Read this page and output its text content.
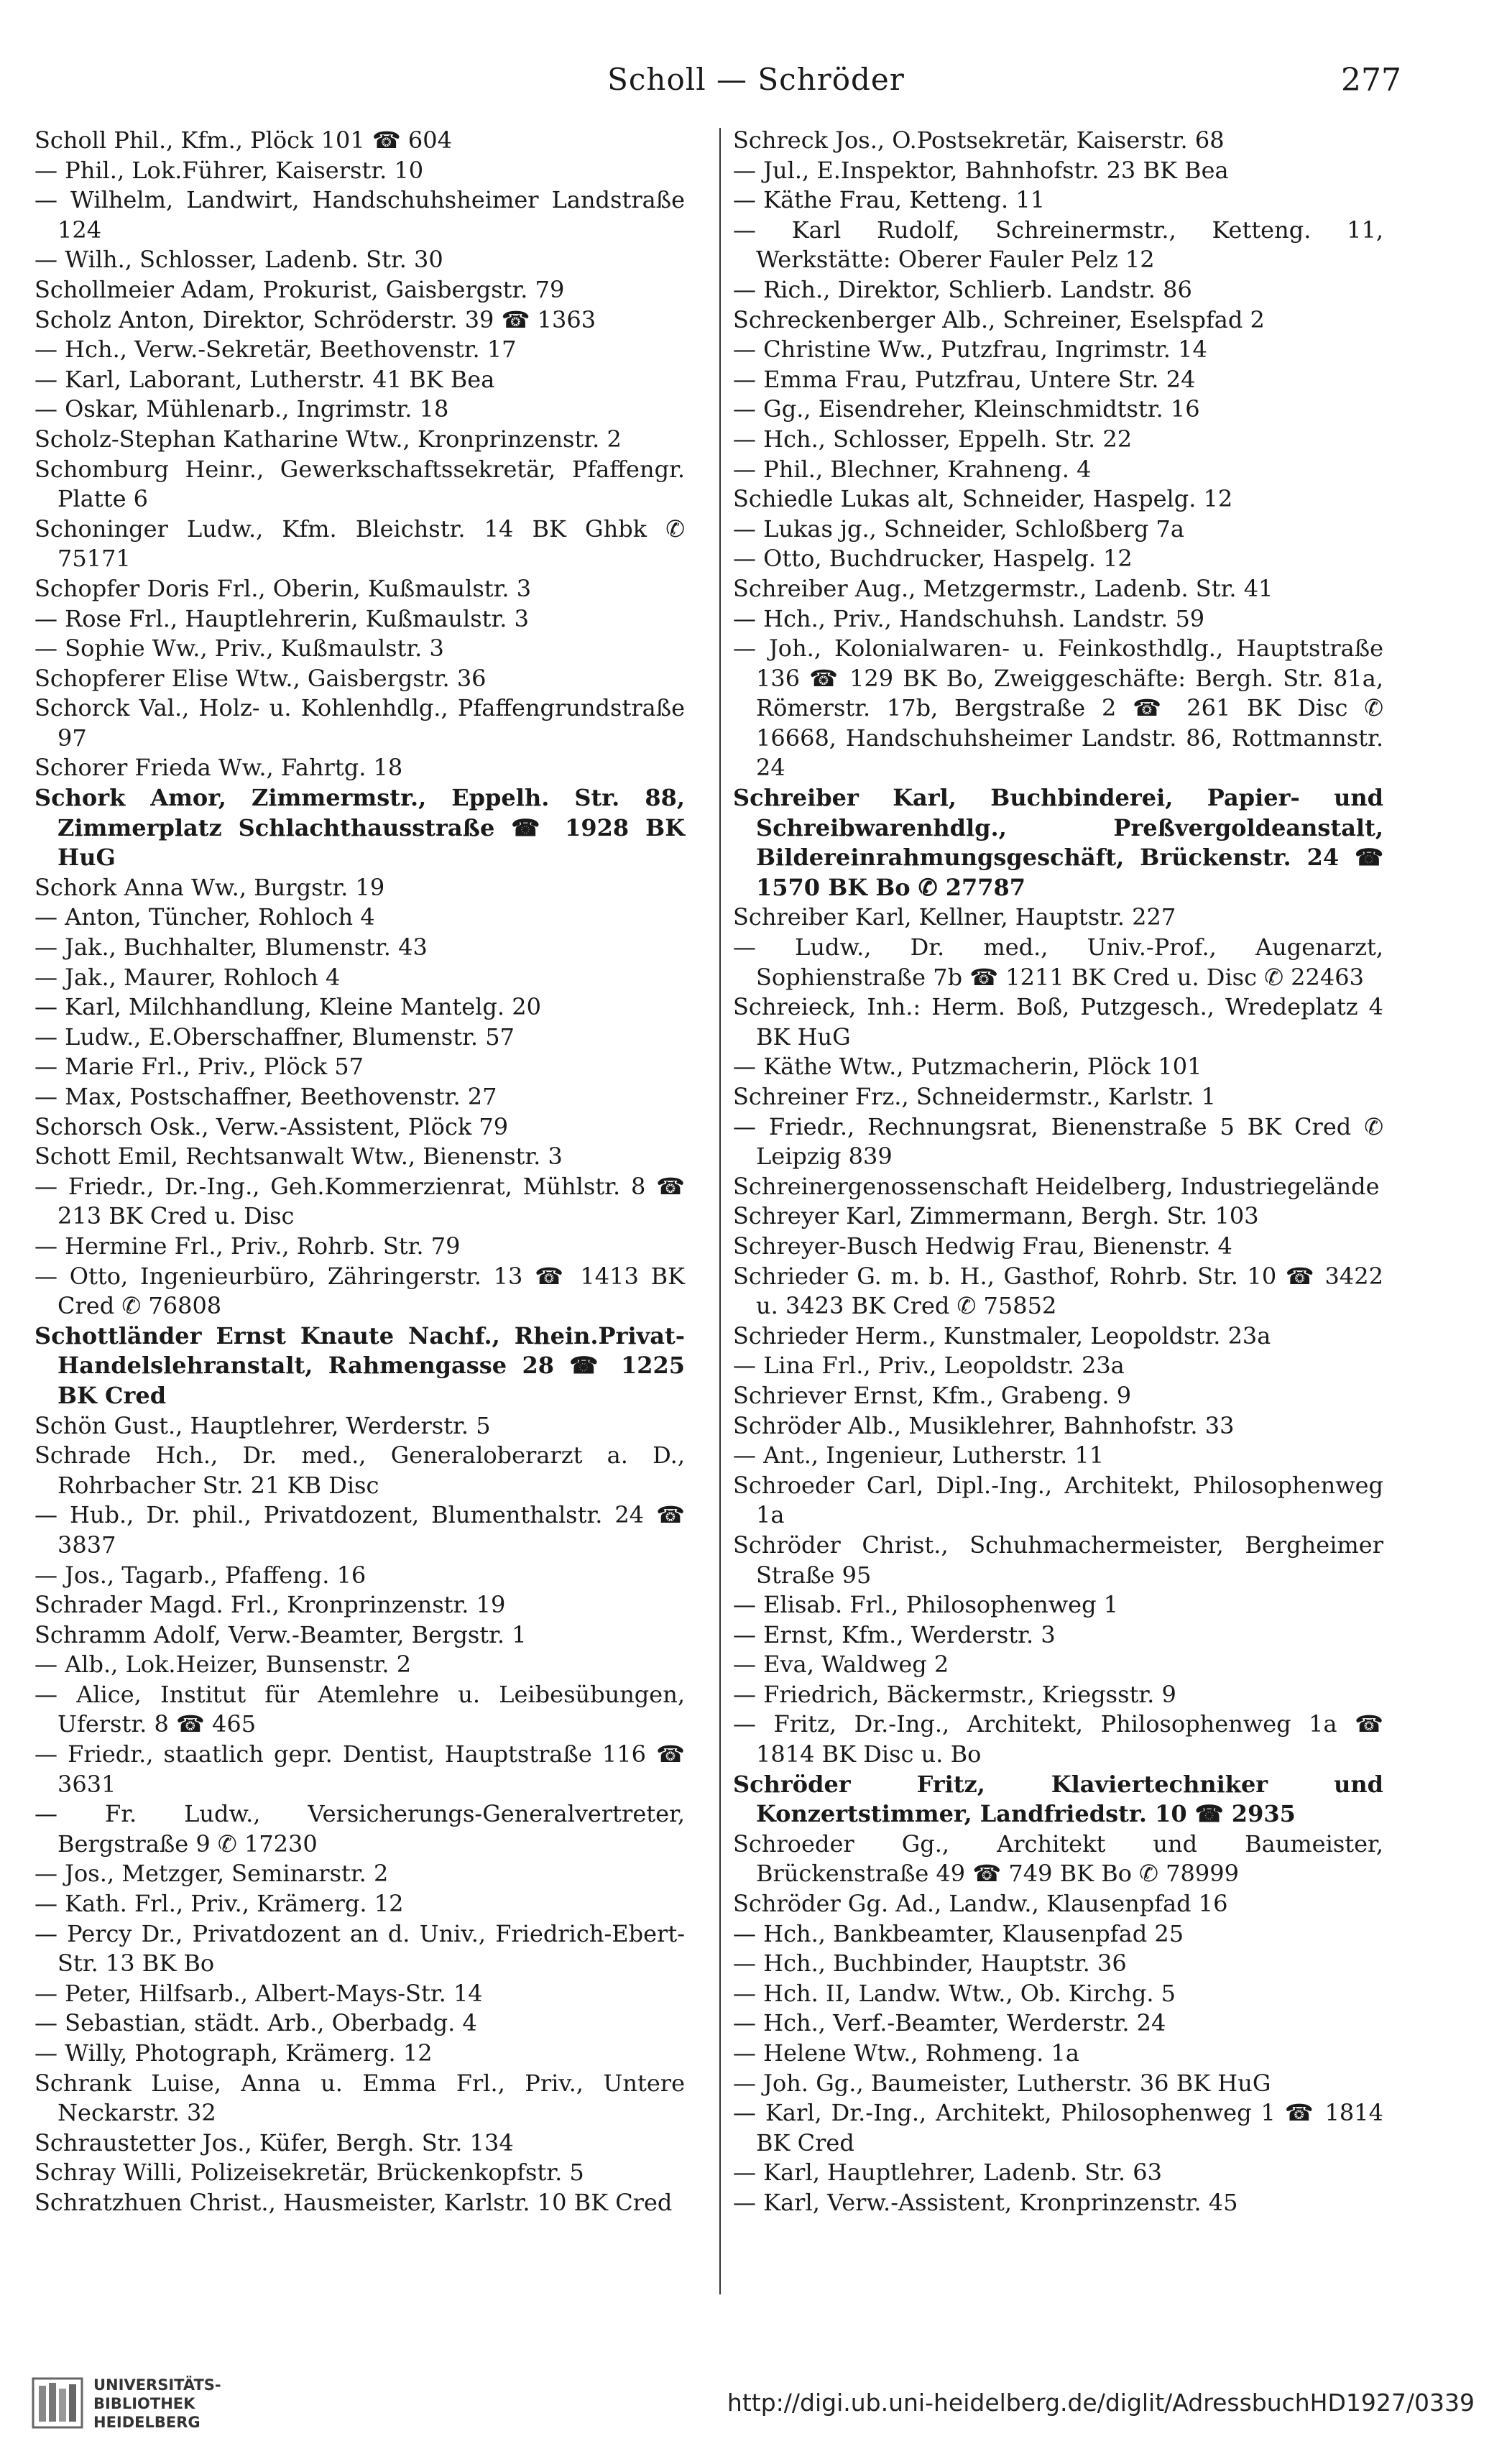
Scholl — Schröder	277

Scholl Phil., Kfm., Plöck 101 ☎ 604

— Phil., Lok.Führer, Kaiserstr. 10

— Wilhelm, Landwirt, Handschuhsheimer Landstraße 124

— Wilh., Schlosser, Ladenb. Str. 30

Schollmeier Adam, Prokurist, Gaisbergstr. 79

Scholz Anton, Direktor, Schröderstr. 39 ☎ 1363

— Hch., Verw.-Sekretär, Beethovenstr. 17

— Karl, Laborant, Lutherstr. 41 BK Bea

— Oskar, Mühlenarb., Ingrimstr. 18

Scholz-Stephan Katharine Wtw., Kronprinzenstr. 2

Schomburg Heinr., Gewerkschaftssekretär, Pfaffengr. Platte 6

Schoninger Ludw., Kfm. Bleichstr. 14 BK Ghbk ✆ 75171

Schopfer Doris Frl., Oberin, Kußmaulstr. 3

— Rose Frl., Hauptlehrerin, Kußmaulstr. 3

— Sophie Ww., Priv., Kußmaulstr. 3

Schopferer Elise Wtw., Gaisbergstr. 36

Schorck Val., Holz- u. Kohlenhdlg., Pfaffengrundstraße 97

Schorer Frieda Ww., Fahrtg. 18

Schork Amor, Zimmermstr., Eppelh. Str. 88, Zimmerplatz Schlachthausstraße ☎ 1928 BK HuG

Schork Anna Ww., Burgstr. 19

— Anton, Tüncher, Rohloch 4

— Jak., Buchhalter, Blumenstr. 43

— Jak., Maurer, Rohloch 4

— Karl, Milchhandlung, Kleine Mantelg. 20

— Ludw., E.Oberschaffner, Blumenstr. 57

— Marie Frl., Priv., Plöck 57

— Max, Postschaffner, Beethovenstr. 27

Schorsch Osk., Verw.-Assistent, Plöck 79

Schott Emil, Rechtsanwalt Wtw., Bienenstr. 3

— Friedr., Dr.-Ing., Geh.Kommerzienrat, Mühlstr. 8 ☎ 213 BK Cred u. Disc

— Hermine Frl., Priv., Rohrb. Str. 79

— Otto, Ingenieurbüro, Zähringerstr. 13 ☎ 1413 BK Cred ✆ 76808

Schottländer Ernst Knaute Nachf., Rhein.Privat-Handelslehranstalt, Rahmengasse 28 ☎ 1225 BK Cred

Schön Gust., Hauptlehrer, Werderstr. 5

Schrade Hch., Dr. med., Generaloberarzt a. D., Rohrbacher Str. 21 KB Disc

— Hub., Dr. phil., Privatdozent, Blumenthalstr. 24 ☎ 3837

— Jos., Tagarb., Pfaffeng. 16

Schrader Magd. Frl., Kronprinzenstr. 19

Schramm Adolf, Verw.-Beamter, Bergstr. 1

— Alb., Lok.Heizer, Bunsenstr. 2

— Alice, Institut für Atemlehre u. Leibesübungen, Uferstr. 8 ☎ 465

— Friedr., staatlich gepr. Dentist, Hauptstraße 116 ☎ 3631

— Fr. Ludw., Versicherungs-Generalvertreter, Bergstraße 9 ✆ 17230

— Jos., Metzger, Seminarstr. 2

— Kath. Frl., Priv., Krämerg. 12

— Percy Dr., Privatdozent an d. Univ., Friedrich-Ebert-Str. 13 BK Bo

— Peter, Hilfsarb., Albert-Mays-Str. 14

— Sebastian, städt. Arb., Oberbadg. 4

— Willy, Photograph, Krämerg. 12

Schrank Luise, Anna u. Emma Frl., Priv., Untere Neckarstr. 32

Schraustetter Jos., Küfer, Bergh. Str. 134

Schray Willi, Polizeisekretär, Brückenkopfstr. 5

Schratzhuen Christ., Hausmeister, Karlstr. 10 BK Cred

Schreck Jos., O.Postsekretär, Kaiserstr. 68

— Jul., E.Inspektor, Bahnhofstr. 23 BK Bea

— Käthe Frau, Ketteng. 11

— Karl Rudolf, Schreinermstr., Ketteng. 11, Werkstätte: Oberer Fauler Pelz 12

— Rich., Direktor, Schlierb. Landstr. 86

Schreckenberger Alb., Schreiner, Eselspfad 2

— Christine Ww., Putzfrau, Ingrimstr. 14

— Emma Frau, Putzfrau, Untere Str. 24

— Gg., Eisendreher, Kleinschmidtstr. 16

— Hch., Schlosser, Eppelh. Str. 22

— Phil., Blechner, Krahneng. 4

Schiedle Lukas alt, Schneider, Haspelg. 12

— Lukas jg., Schneider, Schloßberg 7a

— Otto, Buchdrucker, Haspelg. 12

Schreiber Aug., Metzgermstr., Ladenb. Str. 41

— Hch., Priv., Handschuhsh. Landstr. 59

— Joh., Kolonialwaren- u. Feinkosthdlg., Hauptstraße 136 ☎ 129 BK Bo, Zweiggeschäfte: Bergh. Str. 81a, Römerstr. 17b, Bergstraße 2 ☎ 261 BK Disc ✆ 16668, Handschuhsheimer Landstr. 86, Rottmannstr. 24

Schreiber Karl, Buchbinderei, Papier- und Schreibwarenhdlg., Preßvergoldeanstalt, Bildereinrahmungsgeschäft, Brückenstr. 24 ☎ 1570 BK Bo ✆ 27787

Schreiber Karl, Kellner, Hauptstr. 227

— Ludw., Dr. med., Univ.-Prof., Augenarzt, Sophienstraße 7b ☎ 1211 BK Cred u. Disc ✆ 22463

Schreieck, Inh.: Herm. Boß, Putzgesch., Wredeplatz 4 BK HuG

— Käthe Wtw., Putzmacherin, Plöck 101

Schreiner Frz., Schneidermstr., Karlstr. 1

— Friedr., Rechnungsrat, Bienenstraße 5 BK Cred ✆ Leipzig 839

Schreinergenossenschaft Heidelberg, Industriegelände

Schreyer Karl, Zimmermann, Bergh. Str. 103

Schreyer-Busch Hedwig Frau, Bienenstr. 4

Schrieder G. m. b. H., Gasthof, Rohrb. Str. 10 ☎ 3422 u. 3423 BK Cred ✆ 75852

Schrieder Herm., Kunstmaler, Leopoldstr. 23a

— Lina Frl., Priv., Leopoldstr. 23a

Schriever Ernst, Kfm., Grabeng. 9

Schröder Alb., Musiklehrer, Bahnhofstr. 33

— Ant., Ingenieur, Lutherstr. 11

Schroeder Carl, Dipl.-Ing., Architekt, Philosophenweg 1a

Schröder Christ., Schuhmachermeister, Bergheimer Straße 95

— Elisab. Frl., Philosophenweg 1

— Ernst, Kfm., Werderstr. 3

— Eva, Waldweg 2

— Friedrich, Bäckermstr., Kriegsstr. 9

— Fritz, Dr.-Ing., Architekt, Philosophenweg 1a ☎ 1814 BK Disc u. Bo

Schröder Fritz, Klaviertechniker und Konzertstimmer, Landfriedstr. 10 ☎ 2935

Schroeder Gg., Architekt und Baumeister, Brückenstraße 49 ☎ 749 BK Bo ✆ 78999

Schröder Gg. Ad., Landw., Klausenpfad 16

— Hch., Bankbeamter, Klausenpfad 25

— Hch., Buchbinder, Hauptstr. 36

— Hch. II, Landw. Wtw., Ob. Kirchg. 5

— Hch., Verf.-Beamter, Werderstr. 24

— Helene Wtw., Rohmeng. 1a

— Joh. Gg., Baumeister, Lutherstr. 36 BK HuG

— Karl, Dr.-Ing., Architekt, Philosophenweg 1 ☎ 1814 BK Cred

— Karl, Hauptlehrer, Ladenb. Str. 63

— Karl, Verw.-Assistent, Kronprinzenstr. 45

UNIVERSITÄTS-
BIBLIOTHEK
HEIDELBERG
http://digi.ub.uni-heidelberg.de/diglit/AdressbuchHD1927/0339
